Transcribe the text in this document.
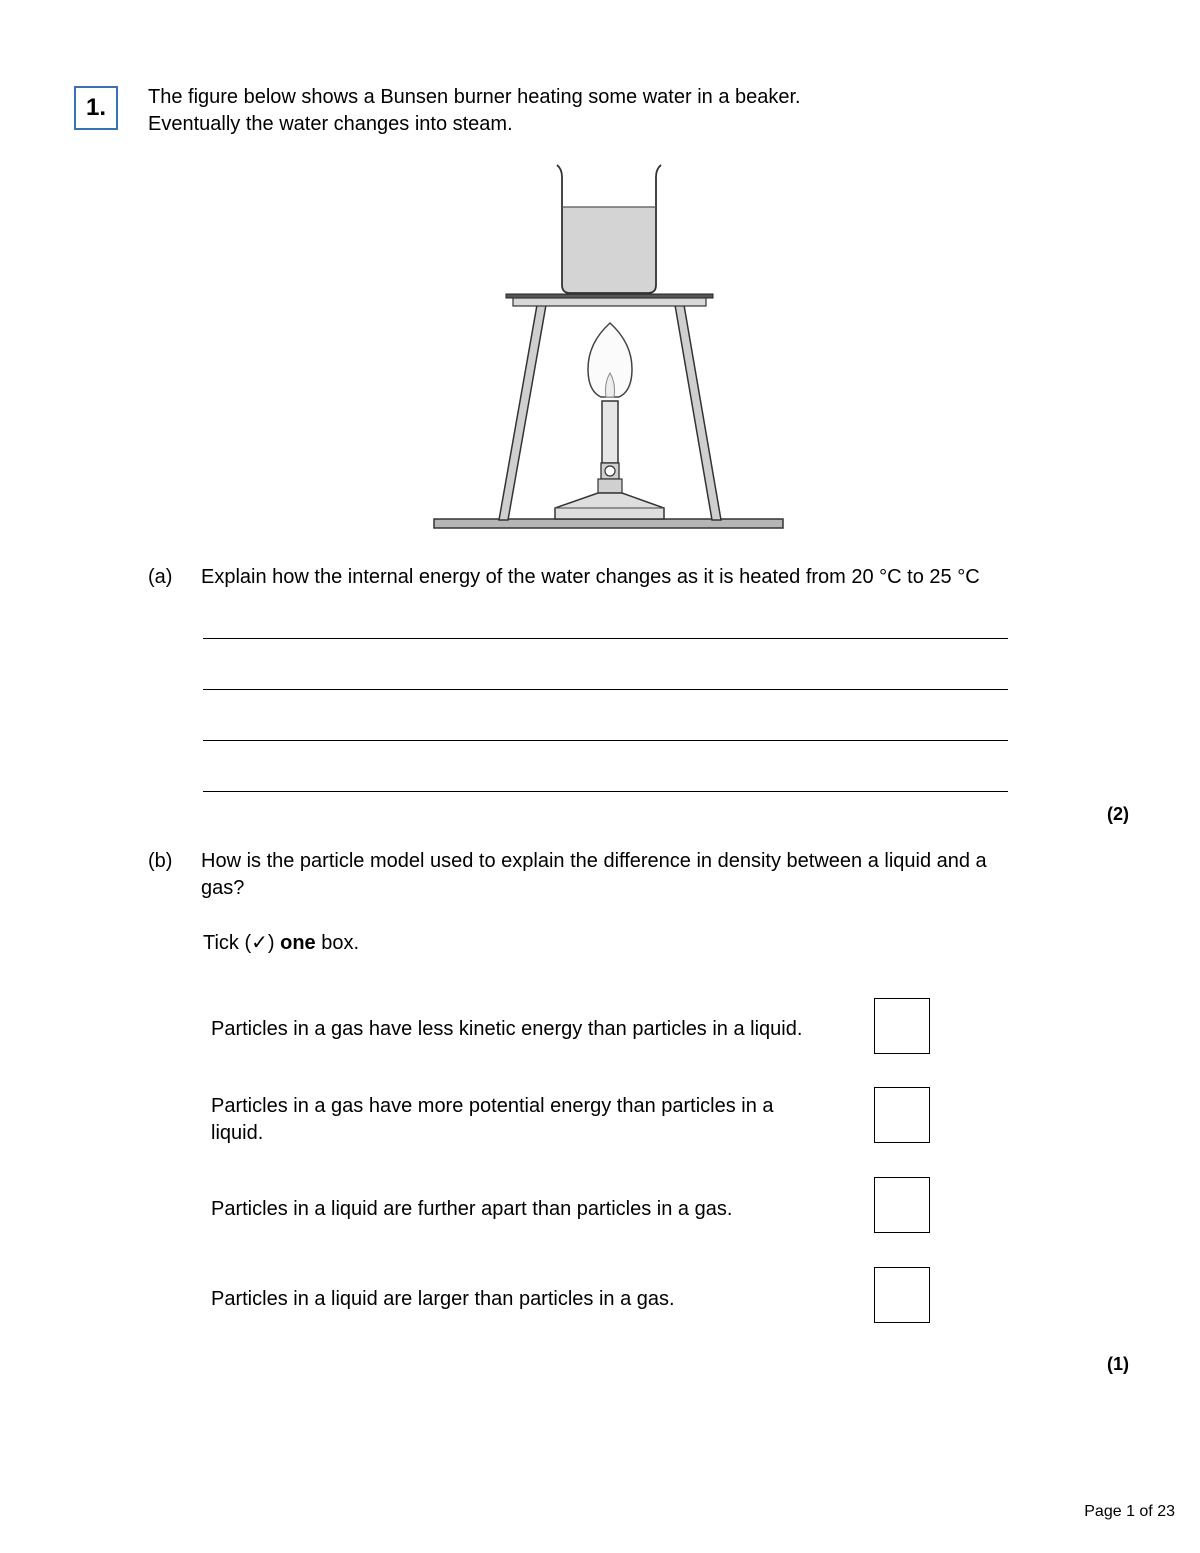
1.	The figure below shows a Bunsen burner heating some water in a beaker.
Eventually the water changes into steam.
(a) Explain how the internal energy of the water changes as it is heated from 20 °C to 25 °C
(2)
(b) How is the particle model used to explain the difference in density between a liquid and a
gas?
Tick (✓) one box.
Particles in a gas have less kinetic energy than particles in a liquid.
Particles in a gas have more potential energy than particles in a
liquid.
Particles in a liquid are further apart than particles in a gas.
Particles in a liquid are larger than particles in a gas.
(1)
Page 1 of 23
